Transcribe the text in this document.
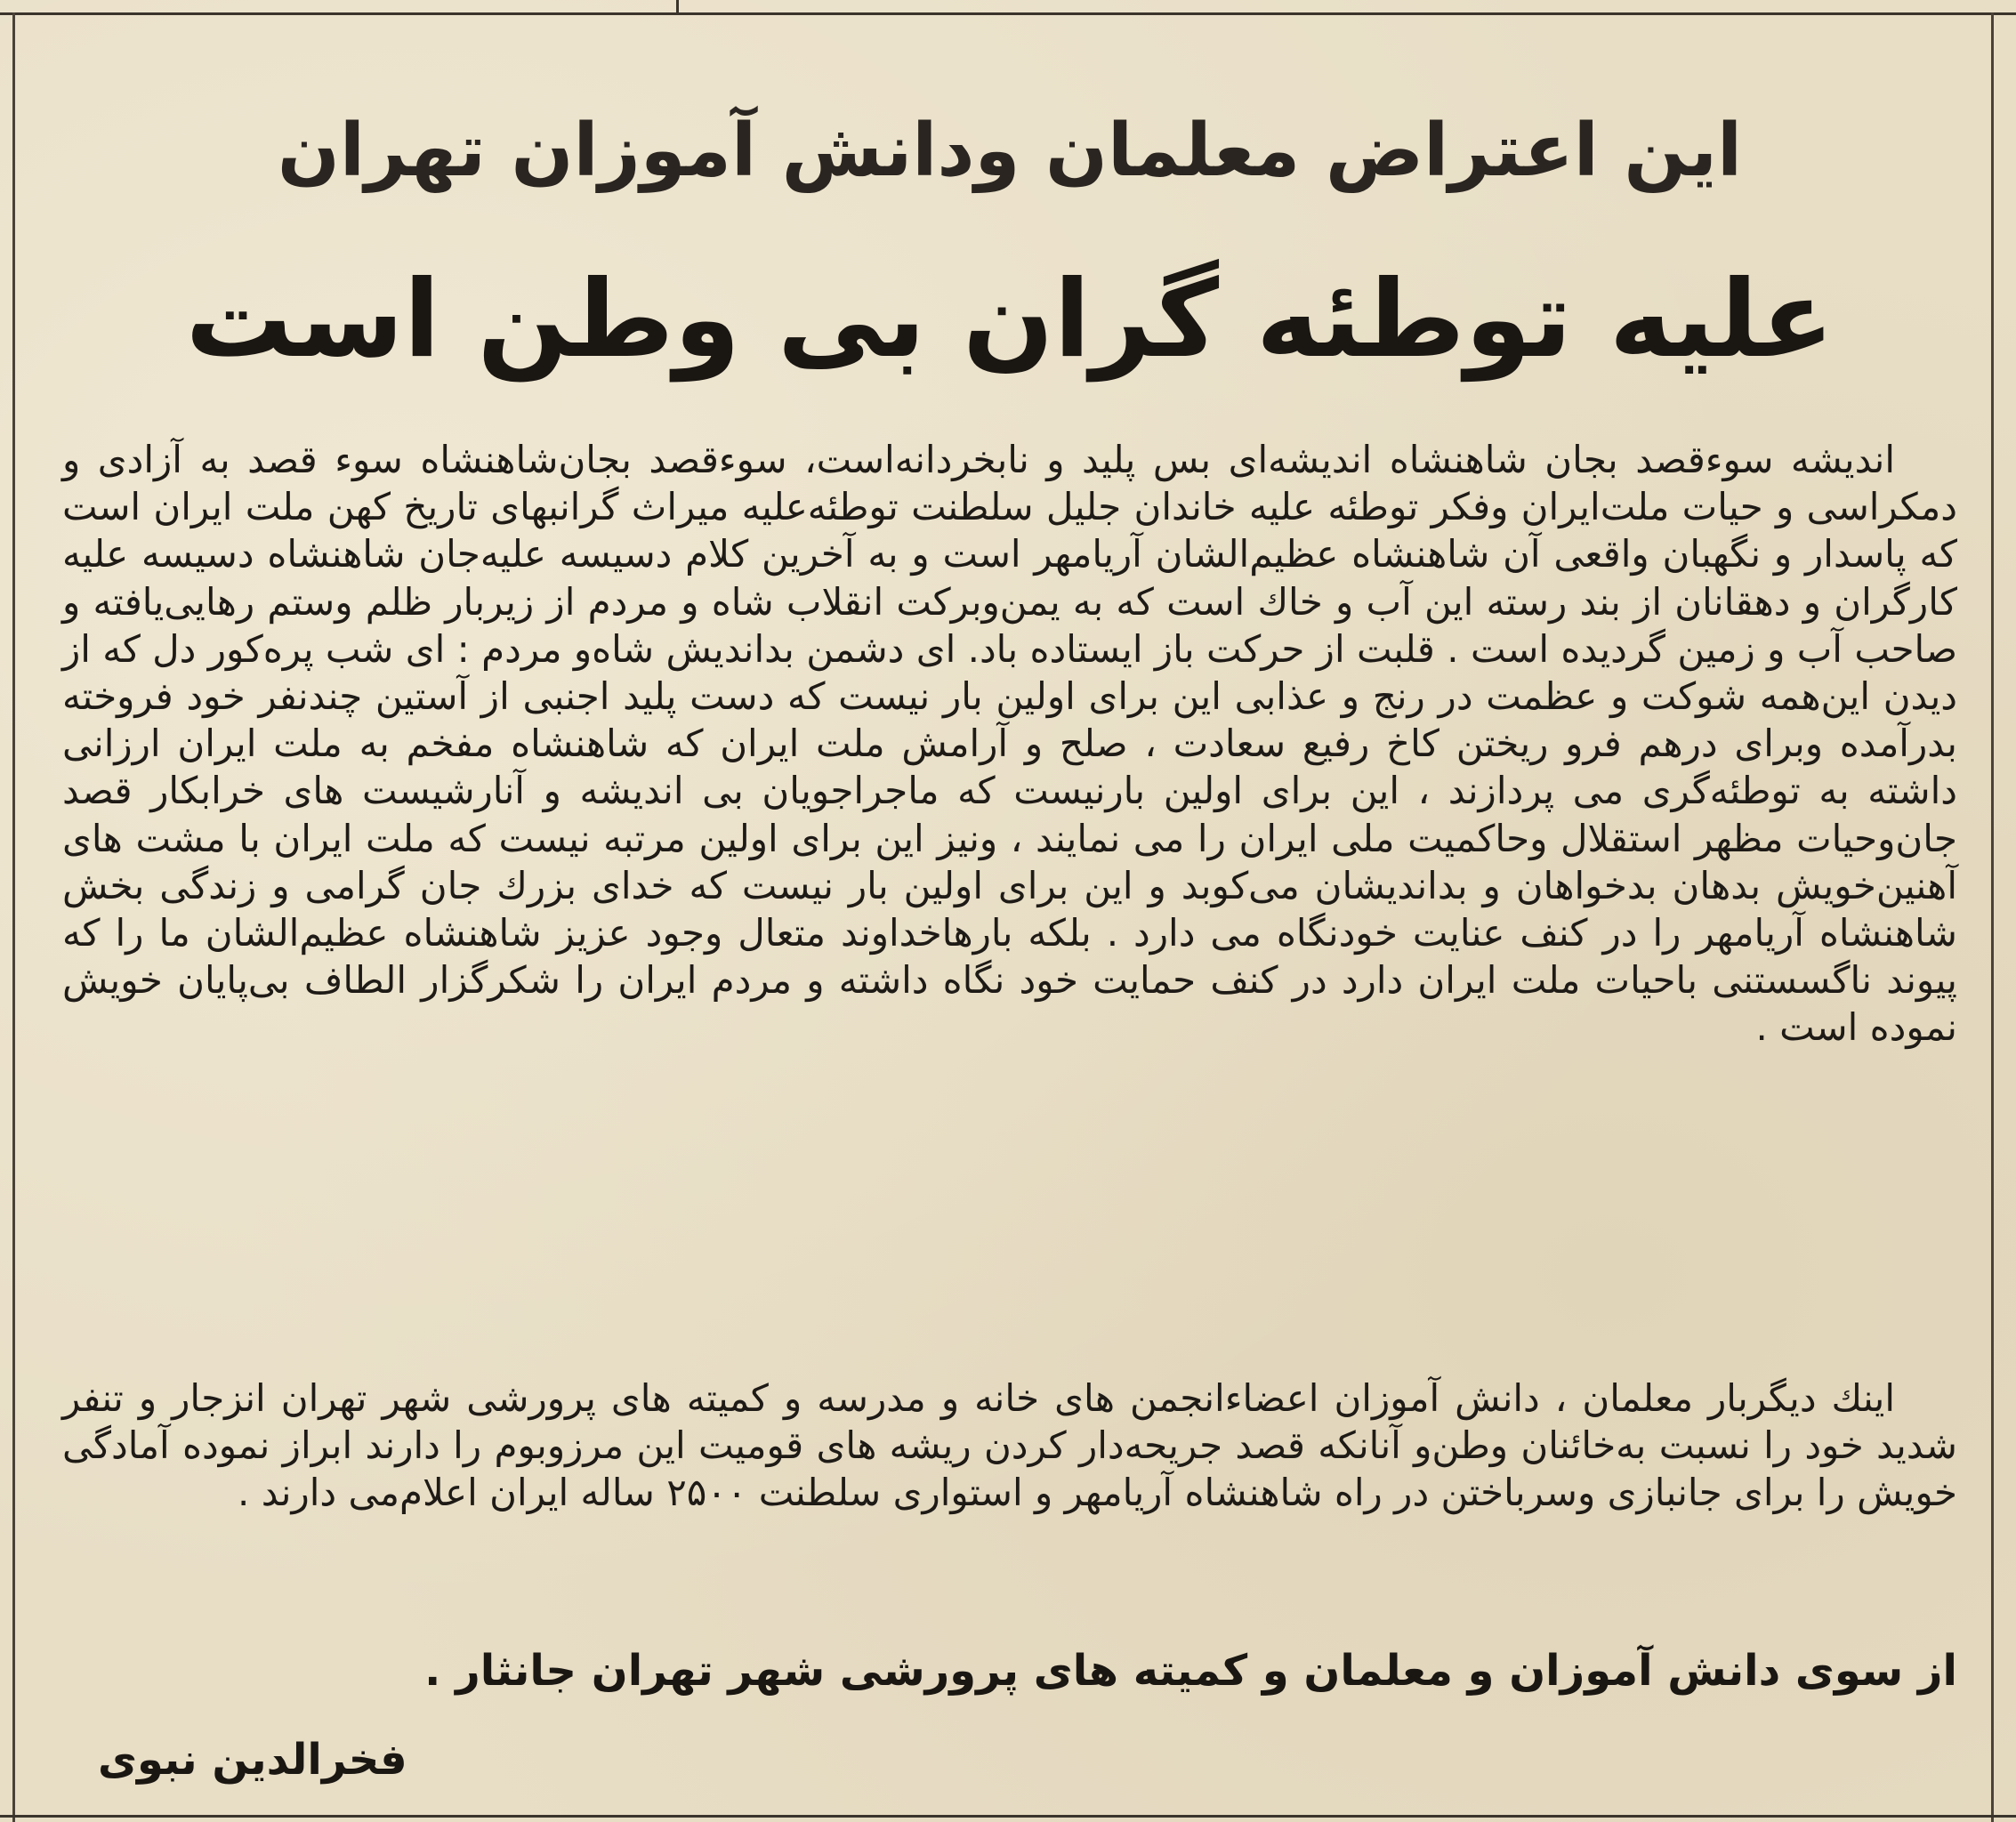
این اعتراض معلمان ودانش آموزان تهران
علیه توطئه گران بی وطن است

اندیشه سوءقصد بجان شاهنشاه اندیشه‌ای بس پلید و نابخردانه‌است، سوءقصد بجان‌شاهنشاه سوء قصد به آزادی و دمکراسی و حیات ملت‌ایران وفکر توطئه علیه خاندان جلیل سلطنت توطئه‌علیه میراث گرانبهای تاریخ کهن ملت ایران است که پاسدار و نگهبان واقعی آن شاهنشاه عظیم‌الشان آریامهر است و به آخرین کلام دسیسه علیه‌جان شاهنشاه دسیسه علیه کارگران و دهقانان از بند رسته این آب و خاك است که به یمن‌وبرکت انقلاب شاه و مردم از زیربار ظلم وستم رهایی‌یافته و صاحب آب و زمین گردیده است . قلبت از حرکت باز ایستاده باد. ای دشمن بداندیش شاه‌و مردم : ای شب پره‌کور دل که از دیدن این‌همه شوکت و عظمت در رنج و عذابی این برای اولین بار نیست که دست پلید اجنبی از آستین چندنفر خود فروخته بدرآمده وبرای درهم فرو ریختن کاخ رفیع سعادت ، صلح و آرامش ملت ایران که شاهنشاه مفخم به ملت ایران ارزانی داشته به توطئه‌گری می پردازند ، این برای اولین بارنیست که ماجراجویان بی اندیشه و آنارشیست های خرابکار قصد جان‌وحیات مظهر استقلال وحاکمیت ملی ایران را می نمایند ، ونیز این برای اولین مرتبه نیست که ملت ایران با مشت های آهنین‌خویش بدهان بدخواهان و بداندیشان می‌کوبد و این برای اولین بار نیست که خدای بزرك جان گرامی و زندگی بخش شاهنشاه آریامهر را در کنف عنایت خودنگاه می دارد . بلکه بارهاخداوند متعال وجود عزیز شاهنشاه عظیم‌الشان ما را که پیوند ناگسستنی باحیات ملت ایران دارد در کنف حمایت خود نگاه داشته و مردم ایران را شکرگزار الطاف بی‌پایان خویش نموده است .

اینك دیگربار معلمان ، دانش آموزان اعضاءانجمن های خانه و مدرسه و کمیته های پرورشی شهر تهران انزجار و تنفر شدید خود را نسبت به‌خائنان وطن‌و آنانکه قصد جریحه‌دار کردن ریشه های قومیت این مرزوبوم را دارند ابراز نموده آمادگی خویش را برای جانبازی وسرباختن در راه شاهنشاه آریامهر و استواری سلطنت ۲۵۰۰ ساله ایران اعلام‌می دارند .

از سوی دانش آموزان و معلمان و کمیته های پرورشی شهر تهران جانثار .
فخرالدین نبوی
